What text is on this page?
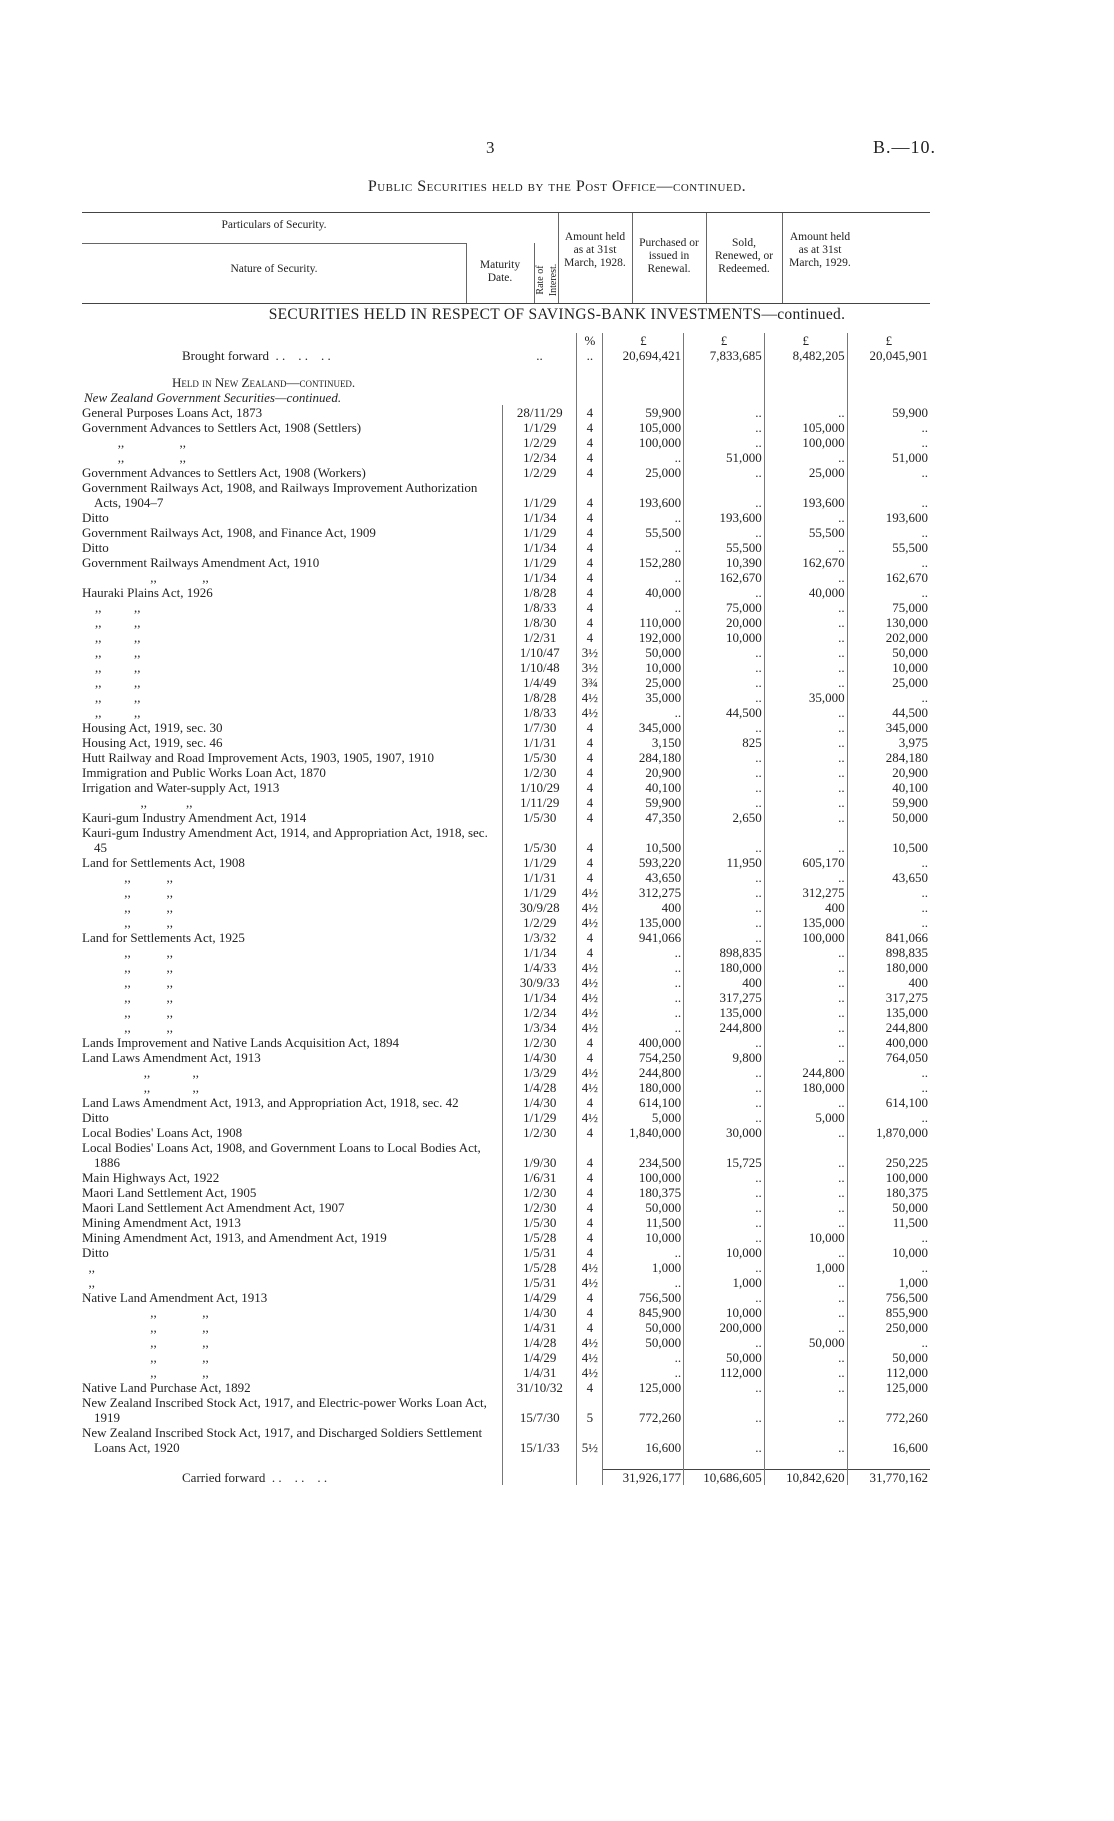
3	B.—10.
Public Securities held by the Post Office—continued.
Particulars of Security.
Nature of Security.	Maturity Date.	Rate of Interest.
Amount held as at 31st March, 1928.
Purchased or issued in Renewal.
Sold, Renewed, or Redeemed.
Amount held as at 31st March, 1929.
SECURITIES HELD IN RESPECT OF SAVINGS-BANK INVESTMENTS—continued.
		%	£	£	£	£
Brought forward  . .    . .    . .	..	..	20,694,421	7,833,685	8,482,205	20,045,901

Held in New Zealand—continued.						
New Zealand Government Securities—continued.						
General Purposes Loans Act, 1873	28/11/29	4	59,900	..	..	59,900
Government Advances to Settlers Act, 1908 (Settlers)	1/1/29	4	105,000	..	105,000	..
,,                 ,,	1/2/29	4	100,000	..	100,000	..
,,                 ,,	1/2/34	4	..	51,000	..	51,000
Government Advances to Settlers Act, 1908 (Workers)	1/2/29	4	25,000	..	25,000	..
Government Railways Act, 1908, and Railways Improvement Authorization Acts, 1904–7	1/1/29	4	193,600	..	193,600	..
Ditto	1/1/34	4	..	193,600	..	193,600
Government Railways Act, 1908, and Finance Act, 1909	1/1/29	4	55,500	..	55,500	..
Ditto	1/1/34	4	..	55,500	..	55,500
Government Railways Amendment Act, 1910	1/1/29	4	152,280	10,390	162,670	..
,,              ,,	1/1/34	4	..	162,670	..	162,670
Hauraki Plains Act, 1926	1/8/28	4	40,000	..	40,000	..
,,          ,,	1/8/33	4	..	75,000	..	75,000
,,          ,,	1/8/30	4	110,000	20,000	..	130,000
,,          ,,	1/2/31	4	192,000	10,000	..	202,000
,,          ,,	1/10/47	3½	50,000	..	..	50,000
,,          ,,	1/10/48	3½	10,000	..	..	10,000
,,          ,,	1/4/49	3¾	25,000	..	..	25,000
,,          ,,	1/8/28	4½	35,000	..	35,000	..
,,          ,,	1/8/33	4½	..	44,500	..	44,500
Housing Act, 1919, sec. 30	1/7/30	4	345,000	..	..	345,000
Housing Act, 1919, sec. 46	1/1/31	4	3,150	825	..	3,975
Hutt Railway and Road Improvement Acts, 1903, 1905, 1907, 1910	1/5/30	4	284,180	..	..	284,180
Immigration and Public Works Loan Act, 1870	1/2/30	4	20,900	..	..	20,900
Irrigation and Water-supply Act, 1913	1/10/29	4	40,100	..	..	40,100
,,            ,,	1/11/29	4	59,900	..	..	59,900
Kauri-gum Industry Amendment Act, 1914	1/5/30	4	47,350	2,650	..	50,000
Kauri-gum Industry Amendment Act, 1914, and Appropriation Act, 1918, sec. 45	1/5/30	4	10,500	..	..	10,500
Land for Settlements Act, 1908	1/1/29	4	593,220	11,950	605,170	..
,,           ,,	1/1/31	4	43,650	..	..	43,650
,,           ,,	1/1/29	4½	312,275	..	312,275	..
,,           ,,	30/9/28	4½	400	..	400	..
,,           ,,	1/2/29	4½	135,000	..	135,000	..
Land for Settlements Act, 1925	1/3/32	4	941,066	..	100,000	841,066
,,           ,,	1/1/34	4	..	898,835	..	898,835
,,           ,,	1/4/33	4½	..	180,000	..	180,000
,,           ,,	30/9/33	4½	..	400	..	400
,,           ,,	1/1/34	4½	..	317,275	..	317,275
,,           ,,	1/2/34	4½	..	135,000	..	135,000
,,           ,,	1/3/34	4½	..	244,800	..	244,800
Lands Improvement and Native Lands Acquisition Act, 1894	1/2/30	4	400,000	..	..	400,000
Land Laws Amendment Act, 1913	1/4/30	4	754,250	9,800	..	764,050
,,             ,,	1/3/29	4½	244,800	..	244,800	..
,,             ,,	1/4/28	4½	180,000	..	180,000	..
Land Laws Amendment Act, 1913, and Appropriation Act, 1918, sec. 42	1/4/30	4	614,100	..	..	614,100
Ditto	1/1/29	4½	5,000	..	5,000	..
Local Bodies' Loans Act, 1908	1/2/30	4	1,840,000	30,000	..	1,870,000
Local Bodies' Loans Act, 1908, and Government Loans to Local Bodies Act, 1886	1/9/30	4	234,500	15,725	..	250,225
Main Highways Act, 1922	1/6/31	4	100,000	..	..	100,000
Maori Land Settlement Act, 1905	1/2/30	4	180,375	..	..	180,375
Maori Land Settlement Act Amendment Act, 1907	1/2/30	4	50,000	..	..	50,000
Mining Amendment Act, 1913	1/5/30	4	11,500	..	..	11,500
Mining Amendment Act, 1913, and Amendment Act, 1919	1/5/28	4	10,000	..	10,000	..
Ditto	1/5/31	4	..	10,000	..	10,000
,,	1/5/28	4½	1,000	..	1,000	..
,,	1/5/31	4½	..	1,000	..	1,000
Native Land Amendment Act, 1913	1/4/29	4	756,500	..	..	756,500
,,              ,,	1/4/30	4	845,900	10,000	..	855,900
,,              ,,	1/4/31	4	50,000	200,000	..	250,000
,,              ,,	1/4/28	4½	50,000	..	50,000	..
,,              ,,	1/4/29	4½	..	50,000	..	50,000
,,              ,,	1/4/31	4½	..	112,000	..	112,000
Native Land Purchase Act, 1892	31/10/32	4	125,000	..	..	125,000
New Zealand Inscribed Stock Act, 1917, and Electric-power Works Loan Act, 1919	15/7/30	5	772,260	..	..	772,260
New Zealand Inscribed Stock Act, 1917, and Discharged Soldiers Settlement Loans Act, 1920	15/1/33	5½	16,600	..	..	16,600

Carried forward  . .    . .    . .			31,926,177	10,686,605	10,842,620	31,770,162
